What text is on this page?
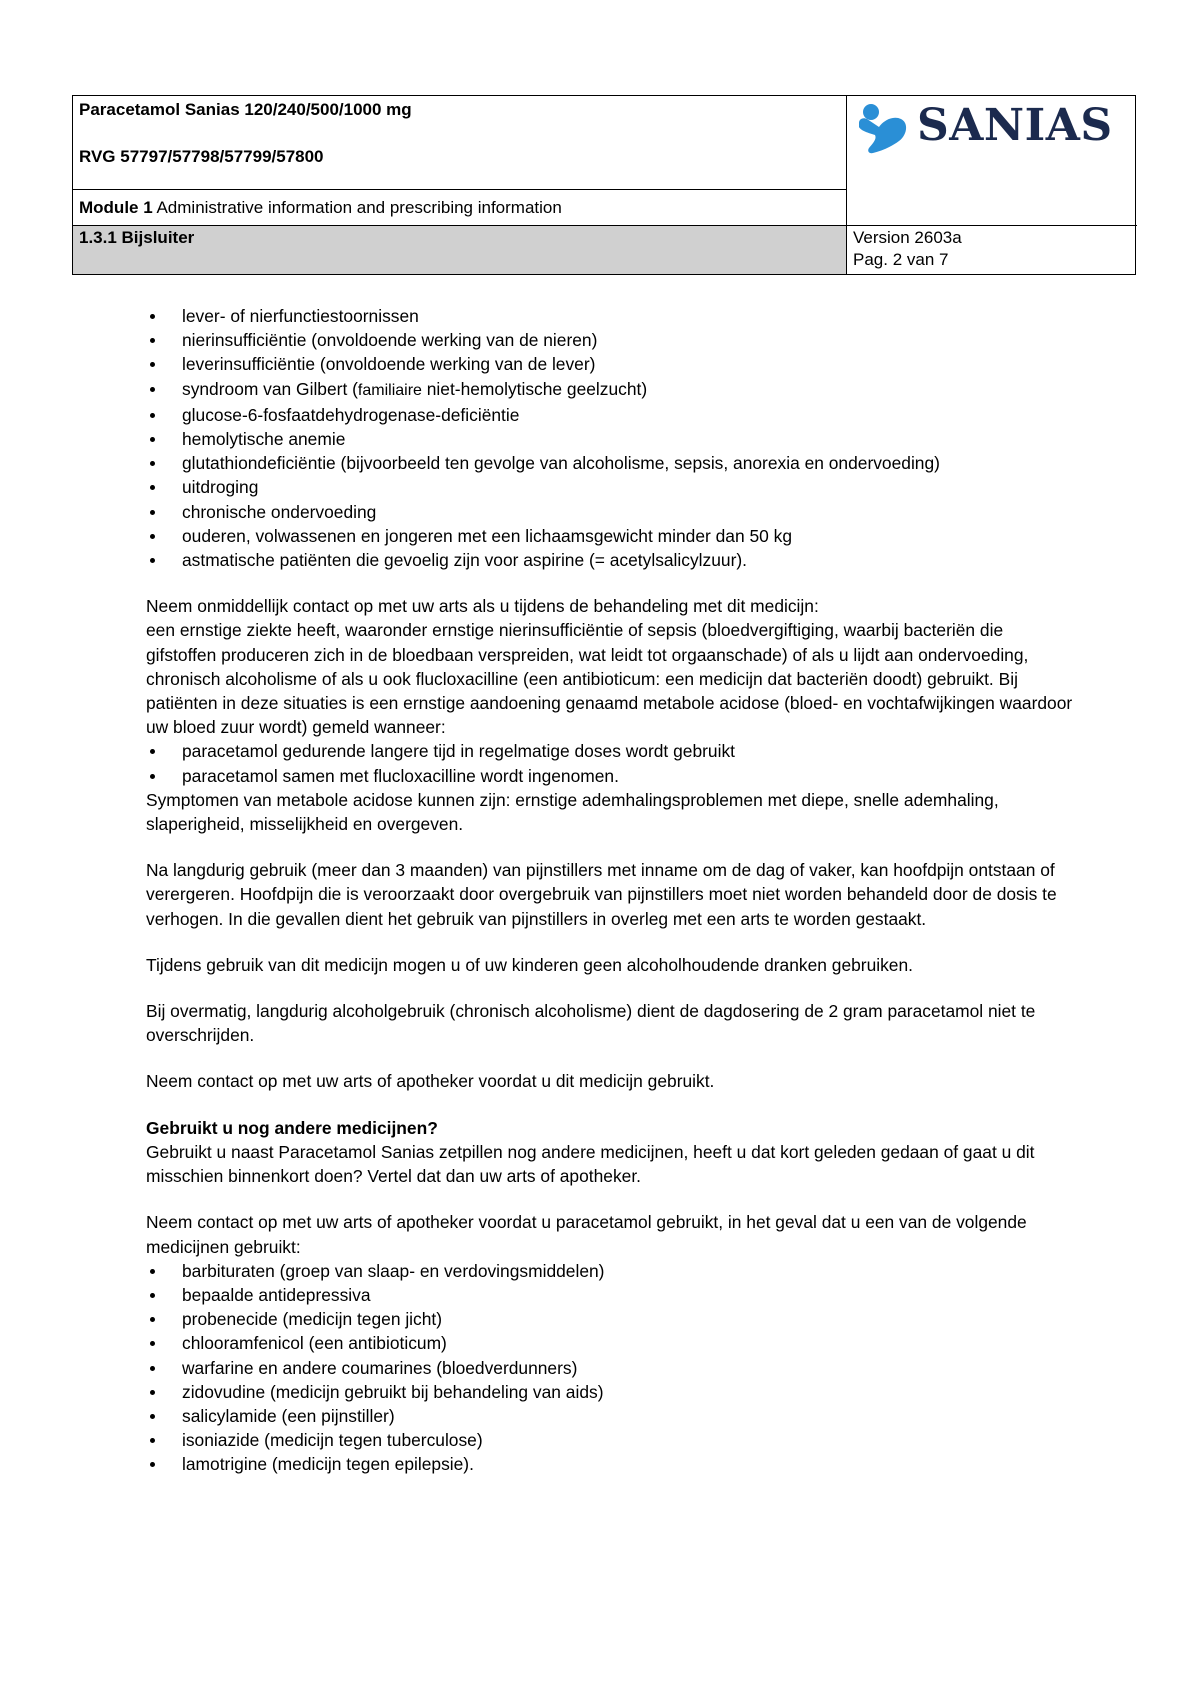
Paracetamol Sanias 120/240/500/1000 mg
RVG 57797/57798/57799/57800
Module 1 Administrative information and prescribing information
SANIAS
1.3.1 Bijsluiter	Version 2603a
Pag. 2 van 7
lever- of nierfunctiestoornissen
nierinsufficiëntie (onvoldoende werking van de nieren)
leverinsufficiëntie (onvoldoende werking van de lever)
syndroom van Gilbert (familiaire niet-hemolytische geelzucht)
glucose-6-fosfaatdehydrogenase-deficiëntie
hemolytische anemie
glutathiondeficiëntie (bijvoorbeeld ten gevolge van alcoholisme, sepsis, anorexia en ondervoeding)
uitdroging
chronische ondervoeding
ouderen, volwassenen en jongeren met een lichaamsgewicht minder dan 50 kg
astmatische patiënten die gevoelig zijn voor aspirine (= acetylsalicylzuur).

Neem onmiddellijk contact op met uw arts als u tijdens de behandeling met dit medicijn:

een ernstige ziekte heeft, waaronder ernstige nierinsufficiëntie of sepsis (bloedvergiftiging, waarbij bacteriën die gifstoffen produceren zich in de bloedbaan verspreiden, wat leidt tot orgaanschade) of als u lijdt aan ondervoeding, chronisch alcoholisme of als u ook flucloxacilline (een antibioticum: een medicijn dat bacteriën doodt) gebruikt. Bij patiënten in deze situaties is een ernstige aandoening genaamd metabole acidose (bloed- en vochtafwijkingen waardoor uw bloed zuur wordt) gemeld wanneer:

paracetamol gedurende langere tijd in regelmatige doses wordt gebruikt
paracetamol samen met flucloxacilline wordt ingenomen.

Symptomen van metabole acidose kunnen zijn: ernstige ademhalingsproblemen met diepe, snelle ademhaling, slaperigheid, misselijkheid en overgeven.

Na langdurig gebruik (meer dan 3 maanden) van pijnstillers met inname om de dag of vaker, kan hoofdpijn ontstaan of verergeren. Hoofdpijn die is veroorzaakt door overgebruik van pijnstillers moet niet worden behandeld door de dosis te verhogen. In die gevallen dient het gebruik van pijnstillers in overleg met een arts te worden gestaakt.

Tijdens gebruik van dit medicijn mogen u of uw kinderen geen alcoholhoudende dranken gebruiken.

Bij overmatig, langdurig alcoholgebruik (chronisch alcoholisme) dient de dagdosering de 2 gram paracetamol niet te overschrijden.

Neem contact op met uw arts of apotheker voordat u dit medicijn gebruikt.

Gebruikt u nog andere medicijnen?

Gebruikt u naast Paracetamol Sanias zetpillen nog andere medicijnen, heeft u dat kort geleden gedaan of gaat u dit misschien binnenkort doen? Vertel dat dan uw arts of apotheker.

Neem contact op met uw arts of apotheker voordat u paracetamol gebruikt, in het geval dat u een van de volgende medicijnen gebruikt:

barbituraten (groep van slaap- en verdovingsmiddelen)
bepaalde antidepressiva
probenecide (medicijn tegen jicht)
chlooramfenicol (een antibioticum)
warfarine en andere coumarines (bloedverdunners)
zidovudine (medicijn gebruikt bij behandeling van aids)
salicylamide (een pijnstiller)
isoniazide (medicijn tegen tuberculose)
lamotrigine (medicijn tegen epilepsie).
